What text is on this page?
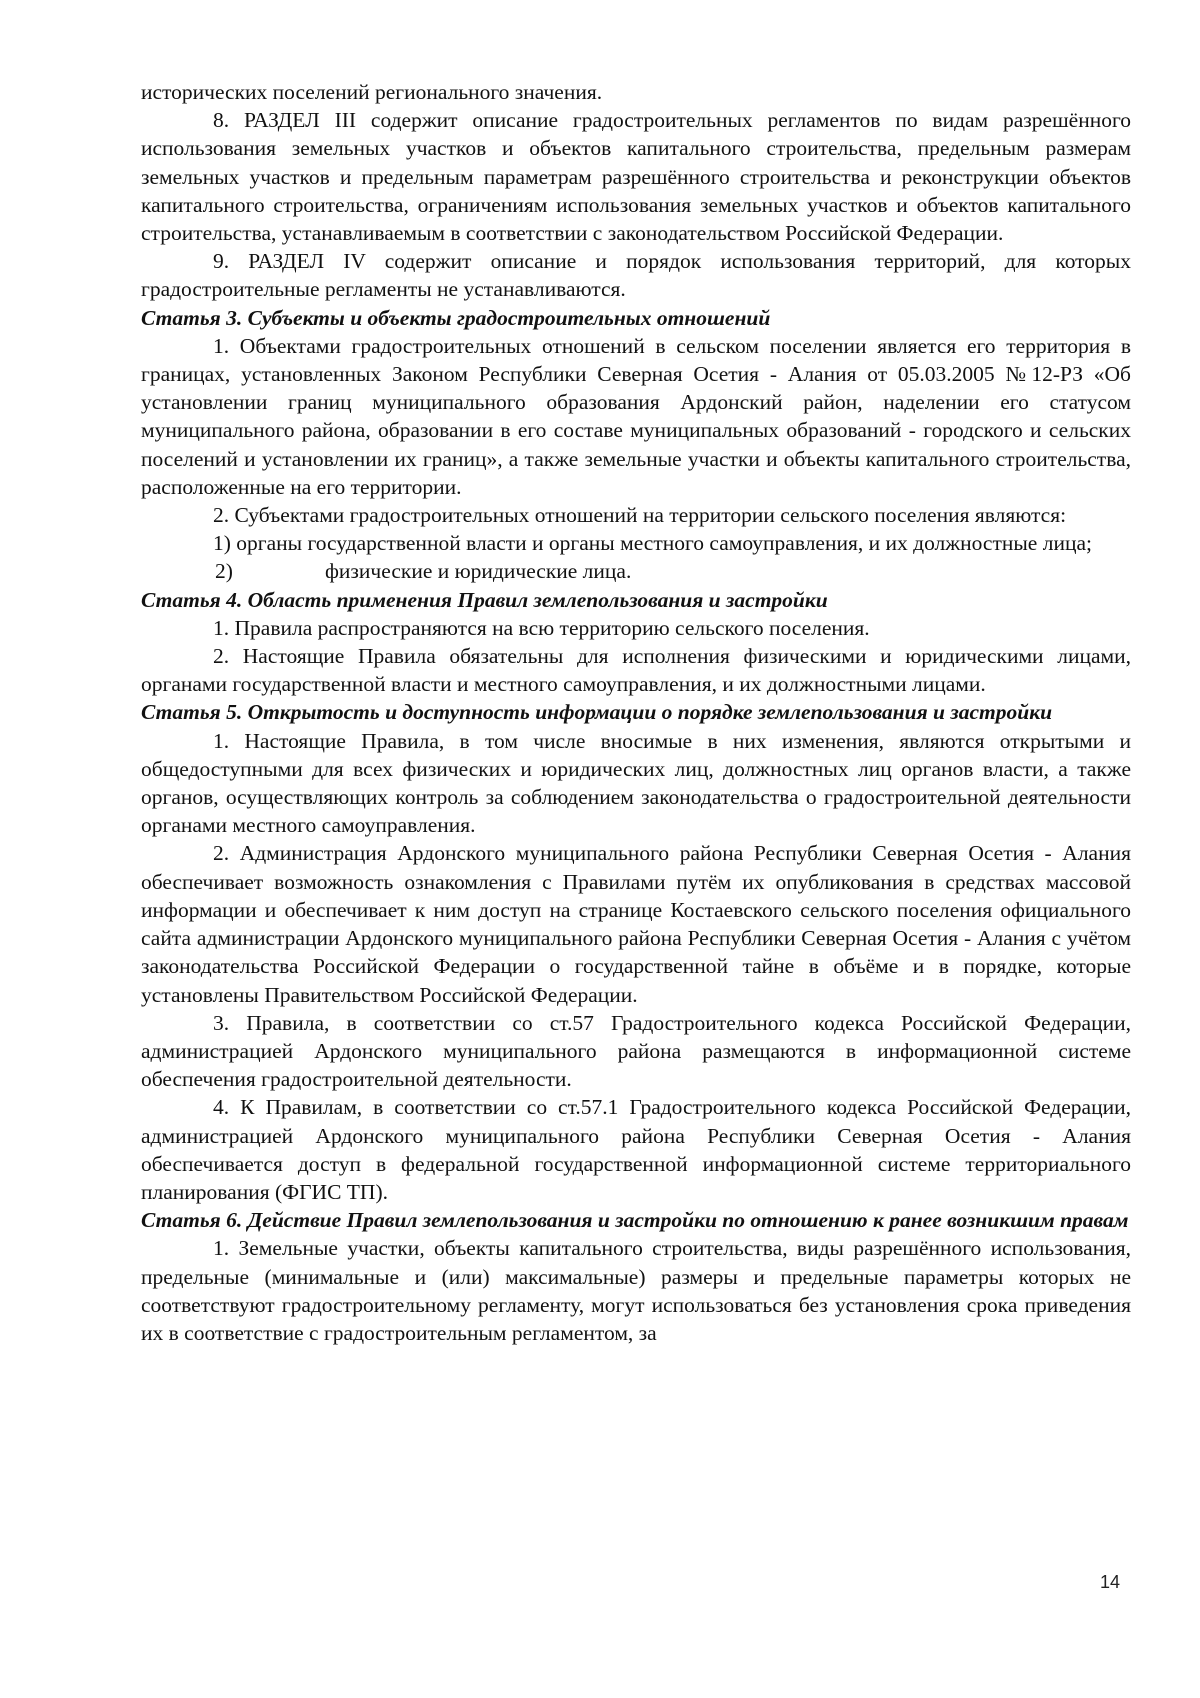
исторических поселений регионального значения.

8. РАЗДЕЛ III содержит описание градостроительных регламентов по видам разрешённого использования земельных участков и объектов капитального строительства, предельным размерам земельных участков и предельным параметрам разрешённого строительства и реконструкции объектов капитального строительства, ограничениям использования земельных участков и объектов капитального строительства, устанавливаемым в соответствии с законодательством Российской Федерации.

9. РАЗДЕЛ IV содержит описание и порядок использования территорий, для которых градостроительные регламенты не устанавливаются.

Статья 3. Субъекты и объекты градостроительных отношений

1. Объектами градостроительных отношений в сельском поселении является его территория в границах, установленных Законом Республики Северная Осетия - Алания от 05.03.2005 №12-РЗ «Об установлении границ муниципального образования Ардонский район, наделении его статусом муниципального района, образовании в его составе муниципальных образований - городского и сельских поселений и установлении их границ», а также земельные участки и объекты капитального строительства, расположенные на его территории.

2. Субъектами градостроительных отношений на территории сельского поселения являются:

1) органы государственной власти и органы местного самоуправления, и их должностные лица;

2)	физические и юридические лица.

Статья 4. Область применения Правил землепользования и застройки

1. Правила распространяются на всю территорию сельского поселения.

2. Настоящие Правила обязательны для исполнения физическими и юридическими лицами, органами государственной власти и местного самоуправления, и их должностными лицами.

Статья 5. Открытость и доступность информации о порядке землепользования и застройки

1. Настоящие Правила, в том числе вносимые в них изменения, являются открытыми и общедоступными для всех физических и юридических лиц, должностных лиц органов власти, а также органов, осуществляющих контроль за соблюдением законодательства о градостроительной деятельности органами местного самоуправления.

2. Администрация Ардонского муниципального района Республики Северная Осетия - Алания обеспечивает возможность ознакомления с Правилами путём их опубликования в средствах массовой информации и обеспечивает к ним доступ на странице Костаевского сельского поселения официального сайта администрации Ардонского муниципального района Республики Северная Осетия - Алания с учётом законодательства Российской Федерации о государственной тайне в объёме и в порядке, которые установлены Правительством Российской Федерации.

3. Правила, в соответствии со ст.57 Градостроительного кодекса Российской Федерации, администрацией Ардонского муниципального района размещаются в информационной системе обеспечения градостроительной деятельности.

4. К Правилам, в соответствии со ст.57.1 Градостроительного кодекса Российской Федерации, администрацией Ардонского муниципального района Республики Северная Осетия - Алания обеспечивается доступ в федеральной государственной информационной системе территориального планирования (ФГИС ТП).

Статья 6. Действие Правил землепользования и застройки по отношению к ранее возникшим правам

1. Земельные участки, объекты капитального строительства, виды разрешённого использования, предельные (минимальные и (или) максимальные) размеры и предельные параметры которых не соответствуют градостроительному регламенту, могут использоваться без установления срока приведения их в соответствие с градостроительным регламентом, за

14
